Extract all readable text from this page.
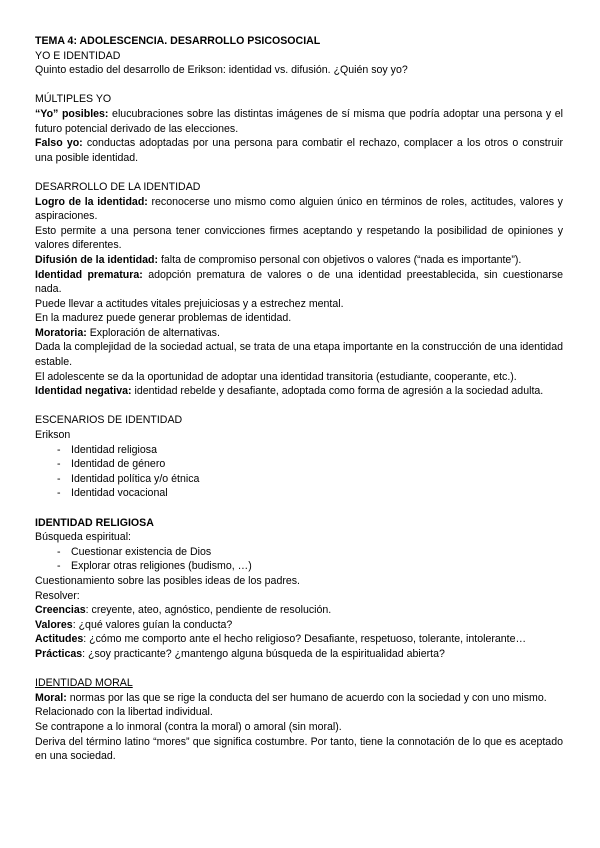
TEMA 4: ADOLESCENCIA. DESARROLLO PSICOSOCIAL
YO E IDENTIDAD
Quinto estadio del desarrollo de Erikson: identidad vs. difusión. ¿Quién soy yo?
MÚLTIPLES YO
“Yo” posibles: elucubraciones sobre las distintas imágenes de sí misma que podría adoptar una persona y el futuro potencial derivado de las elecciones.
Falso yo: conductas adoptadas por una persona para combatir el rechazo, complacer a los otros o construir una posible identidad.
DESARROLLO DE LA IDENTIDAD
Logro de la identidad: reconocerse uno mismo como alguien único en términos de roles, actitudes, valores y aspiraciones.
Esto permite a una persona tener convicciones firmes aceptando y respetando la posibilidad de opiniones y valores diferentes.
Difusión de la identidad: falta de compromiso personal con objetivos o valores (“nada es importante”).
Identidad prematura: adopción prematura de valores o de una identidad preestablecida, sin cuestionarse nada.
Puede llevar a actitudes vitales prejuiciosas y a estrechez mental.
En la madurez puede generar problemas de identidad.
Moratoria: Exploración de alternativas.
Dada la complejidad de la sociedad actual, se trata de una etapa importante en la construcción de una identidad estable.
El adolescente se da la oportunidad de adoptar una identidad transitoria (estudiante, cooperante, etc.).
Identidad negativa: identidad rebelde y desafiante, adoptada como forma de agresión a la sociedad adulta.
ESCENARIOS DE IDENTIDAD
Erikson
- Identidad religiosa
- Identidad de género
- Identidad política y/o étnica
- Identidad vocacional
IDENTIDAD RELIGIOSA
Búsqueda espiritual:
- Cuestionar existencia de Dios
- Explorar otras religiones (budismo, …)
Cuestionamiento sobre las posibles ideas de los padres.
Resolver:
Creencias: creyente, ateo, agnóstico, pendiente de resolución.
Valores: ¿qué valores guían la conducta?
Actitudes: ¿cómo me comporto ante el hecho religioso? Desafiante, respetuoso, tolerante, intolerante…
Prácticas: ¿soy practicante? ¿mantengo alguna búsqueda de la espiritualidad abierta?
IDENTIDAD MORAL
Moral: normas por las que se rige la conducta del ser humano de acuerdo con la sociedad y con uno mismo.
Relacionado con la libertad individual.
Se contrapone a lo inmoral (contra la moral) o amoral (sin moral).
Deriva del término latino “mores” que significa costumbre. Por tanto, tiene la connotación de lo que es aceptado en una sociedad.
